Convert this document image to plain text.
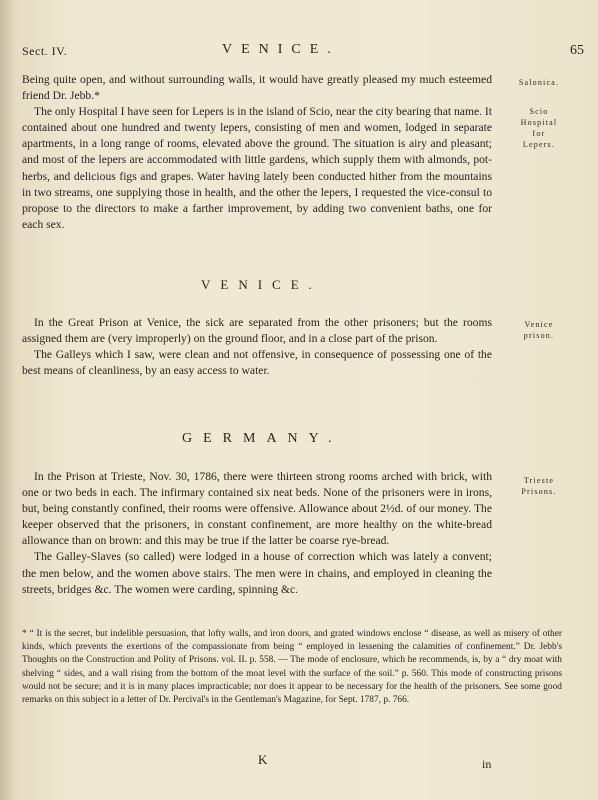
Sect. IV.	VENICE.	65

Being quite open, and without surrounding walls, it would have greatly pleased my much esteemed friend Dr. Jebb.*

The only Hospital I have seen for Lepers is in the island of Scio, near the city bearing that name. It contained about one hundred and twenty lepers, consisting of men and women, lodged in separate apartments, in a long range of rooms, elevated above the ground. The situation is airy and pleasant; and most of the lepers are accommodated with little gardens, which supply them with almonds, pot-herbs, and delicious figs and grapes. Water having lately been conducted hither from the mountains in two streams, one supplying those in health, and the other the lepers, I requested the vice-consul to propose to the directors to make a farther improvement, by adding two convenient baths, one for each sex.

VENICE.

In the Great Prison at Venice, the sick are separated from the other prisoners; but the rooms assigned them are (very improperly) on the ground floor, and in a close part of the prison.

The Galleys which I saw, were clean and not offensive, in consequence of possessing one of the best means of cleanliness, by an easy access to water.

GERMANY.

In the Prison at Trieste, Nov. 30, 1786, there were thirteen strong rooms arched with brick, with one or two beds in each. The infirmary contained six neat beds. None of the prisoners were in irons, but, being constantly confined, their rooms were offensive. Allowance about 2½d. of our money. The keeper observed that the prisoners, in constant confinement, are more healthy on the white-bread allowance than on brown: and this may be true if the latter be coarse rye-bread.

The Galley-Slaves (so called) were lodged in a house of correction which was lately a convent; the men below, and the women above stairs. The men were in chains, and employed in cleaning the streets, bridges &c. The women were carding, spinning &c.

Salonica.
Scio
Hospital
for
Lepers.
Venice
prison.
Trieste
Prisons.

* “ It is the secret, but indelible persuasion, that lofty walls, and iron doors, and grated windows enclose “ disease, as well as misery of other kinds, which prevents the exertions of the compassionate from being “ employed in lessening the calamities of confinement.” Dr. Jebb's Thoughts on the Construction and Polity of Prisons. vol. II. p. 558. — The mode of enclosure, which he recommends, is, by a “ dry moat with shelving “ sides, and a wall rising from the bottom of the moat level with the surface of the soil.” p. 560. This mode of constructing prisons would not be secure; and it is in many places impracticable; nor does it appear to be necessary for the health of the prisoners. See some good remarks on this subject in a letter of Dr. Percival's in the Gentleman's Magazine, for Sept. 1787, p. 766.

K	in
